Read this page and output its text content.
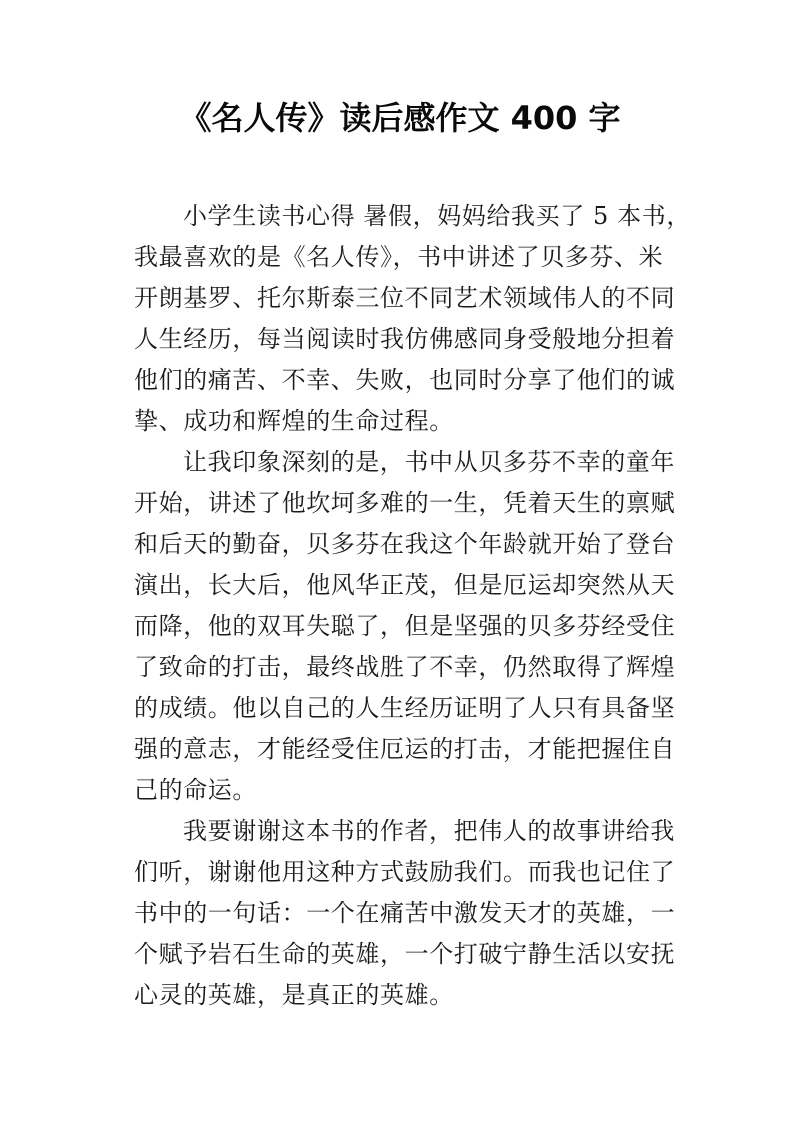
《名人传》读后感作文 400 字
小学生读书心得 暑假，妈妈给我买了 5 本书，
我最喜欢的是《名人传》，书中讲述了贝多芬、米
开朗基罗、托尔斯泰三位不同艺术领域伟人的不同
人生经历，每当阅读时我仿佛感同身受般地分担着
他们的痛苦、不幸、失败，也同时分享了他们的诚
挚、成功和辉煌的生命过程。
让我印象深刻的是，书中从贝多芬不幸的童年
开始，讲述了他坎坷多难的一生，凭着天生的禀赋
和后天的勤奋，贝多芬在我这个年龄就开始了登台
演出，长大后，他风华正茂，但是厄运却突然从天
而降，他的双耳失聪了，但是坚强的贝多芬经受住
了致命的打击，最终战胜了不幸，仍然取得了辉煌
的成绩。他以自己的人生经历证明了人只有具备坚
强的意志，才能经受住厄运的打击，才能把握住自
己的命运。
我要谢谢这本书的作者，把伟人的故事讲给我
们听，谢谢他用这种方式鼓励我们。而我也记住了
书中的一句话：一个在痛苦中激发天才的英雄，一
个赋予岩石生命的英雄，一个打破宁静生活以安抚
心灵的英雄，是真正的英雄。
